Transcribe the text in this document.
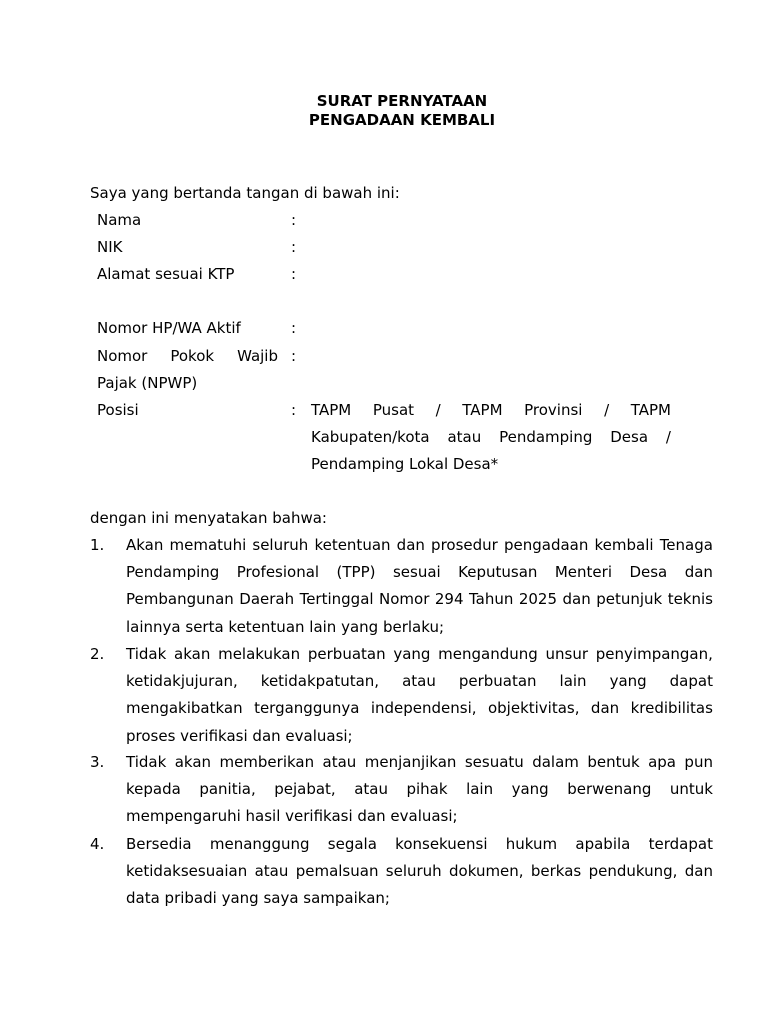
SURAT PERNYATAAN
PENGADAAN KEMBALI
Saya yang bertanda tangan di bawah ini:
Nama	:
NIK	:
Alamat sesuai KTP	:
Nomor HP/WA Aktif	:
Nomor Pokok Wajib :
Pajak (NPWP)
Posisi	: TAPM Pusat / TAPM Provinsi / TAPM
Kabupaten/kota atau Pendamping Desa /
Pendamping Lokal Desa*
dengan ini menyatakan bahwa:
1. Akan mematuhi seluruh ketentuan dan prosedur pengadaan kembali Tenaga
Pendamping Profesional (TPP) sesuai Keputusan Menteri Desa dan
Pembangunan Daerah Tertinggal Nomor 294 Tahun 2025 dan petunjuk teknis
lainnya serta ketentuan lain yang berlaku;
2. Tidak akan melakukan perbuatan yang mengandung unsur penyimpangan,
ketidakjujuran, ketidakpatutan, atau perbuatan lain yang dapat
mengakibatkan terganggunya independensi, objektivitas, dan kredibilitas
proses verifikasi dan evaluasi;
3. Tidak akan memberikan atau menjanjikan sesuatu dalam bentuk apa pun
kepada panitia, pejabat, atau pihak lain yang berwenang untuk
mempengaruhi hasil verifikasi dan evaluasi;
4. Bersedia menanggung segala konsekuensi hukum apabila terdapat
ketidaksesuaian atau pemalsuan seluruh dokumen, berkas pendukung, dan
data pribadi yang saya sampaikan;
